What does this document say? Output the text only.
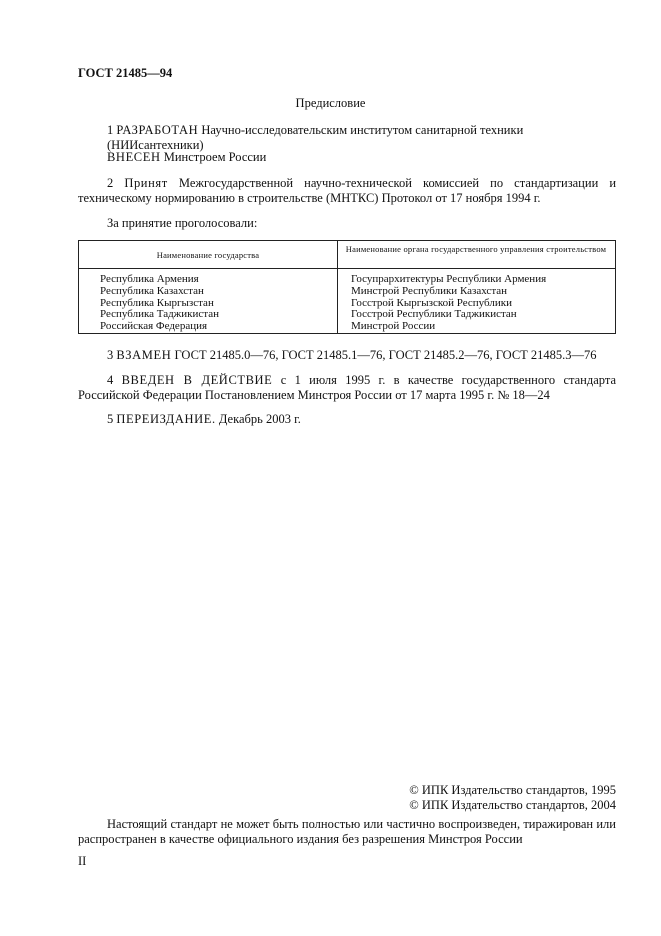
ГОСТ 21485—94
Предисловие
1 РАЗРАБОТАН Научно-исследовательским институтом санитарной техники (НИИсантехники)
ВНЕСЕН Минстроем России
2 Принят Межгосударственной научно-технической комиссией по стандартизации и техническому нормированию в строительстве (МНТКС) Протокол от 17 ноября 1994 г.
За принятие проголосовали:
Наименование государства
Наименование органа государственного управления строительством
Республика Армения
Республика Казахстан
Республика Кыргызстан
Республика Таджикистан
Российская Федерация
Госупрархитектуры Республики Армения
Минстрой Республики Казахстан
Госстрой Кыргызской Республики
Госстрой Республики Таджикистан
Минстрой России
3 ВЗАМЕН ГОСТ 21485.0—76, ГОСТ 21485.1—76, ГОСТ 21485.2—76, ГОСТ 21485.3—76
4 ВВЕДЕН В ДЕЙСТВИЕ с 1 июля 1995 г. в качестве государственного стандарта Российской Федерации Постановлением Минстроя России от 17 марта 1995 г. № 18—24
5 ПЕРЕИЗДАНИЕ. Декабрь 2003 г.
© ИПК Издательство стандартов, 1995
© ИПК Издательство стандартов, 2004
Настоящий стандарт не может быть полностью или частично воспроизведен, тиражирован или распространен в качестве официального издания без разрешения Минстроя России
II
